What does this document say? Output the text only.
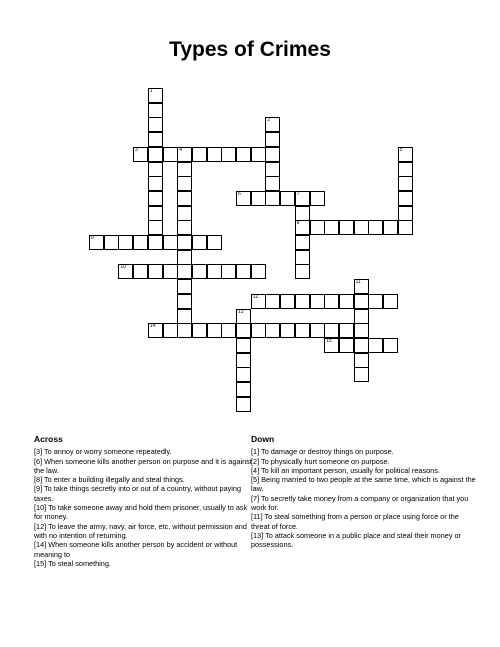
Types of Crimes
1
2
3	4	5
6	7
8
9
10
11
12
13
14
15
Across
[3] To annoy or worry someone repeatedly.
[6] When someone kills another person on purpose and it is against the law.
[8] To enter a building illegally and steal things.
[9] To take things secretly into or out of a country, without paying taxes.
[10] To take someone away and hold them prisoner, usually to ask for money.
[12] To leave the army, navy, air force, etc. without permission and with no intention of returning.
[14] When someone kills another person by accident or without meaning to
[15] To steal something.
Down
[1] To damage or destroy things on purpose.
[2] To physically hurt someone on purpose.
[4] To kill an important person, usually for political reasons.
[5] Being married to two people at the same time, which is against the law.
[7] To secretly take money from a company or organization that you work for.
[11] To steal something from a person or place using force or the threat of force.
[13] To attack someone in a public place and steal their money or possessions.
